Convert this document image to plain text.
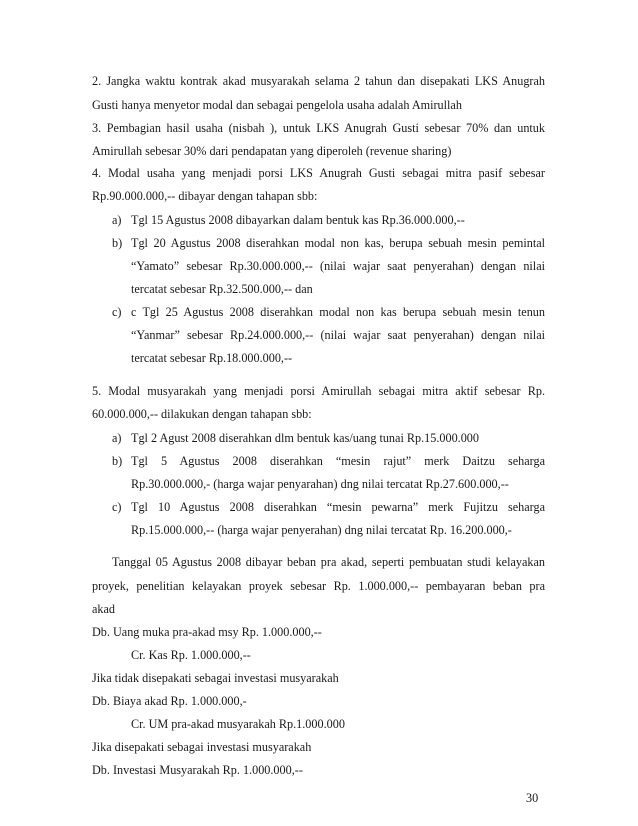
2. Jangka waktu kontrak akad musyarakah selama 2 tahun dan disepakati LKS Anugrah
Gusti hanya menyetor modal dan sebagai pengelola usaha adalah Amirullah
3. Pembagian hasil usaha (nisbah ), untuk LKS Anugrah Gusti sebesar 70% dan untuk
Amirullah sebesar 30% dari pendapatan yang diperoleh (revenue sharing)
4. Modal usaha yang menjadi porsi LKS Anugrah Gusti sebagai mitra pasif sebesar
Rp.90.000.000,-- dibayar dengan tahapan sbb:
a) Tgl 15 Agustus 2008 dibayarkan dalam bentuk kas Rp.36.000.000,--
b) Tgl 20 Agustus 2008 diserahkan modal non kas, berupa sebuah mesin pemintal
“Yamato” sebesar Rp.30.000.000,-- (nilai wajar saat penyerahan) dengan nilai
tercatat sebesar Rp.32.500.000,-- dan
c) c Tgl 25 Agustus 2008 diserahkan modal non kas berupa sebuah mesin tenun
“Yanmar” sebesar Rp.24.000.000,-- (nilai wajar saat penyerahan) dengan nilai
tercatat sebesar Rp.18.000.000,--
5. Modal musyarakah yang menjadi porsi Amirullah sebagai mitra aktif sebesar Rp.
60.000.000,-- dilakukan dengan tahapan sbb:
a) Tgl 2 Agust 2008 diserahkan dlm bentuk kas/uang tunai Rp.15.000.000
b) Tgl 5 Agustus 2008 diserahkan “mesin rajut” merk Daitzu seharga
Rp.30.000.000,- (harga wajar penyarahan) dng nilai tercatat Rp.27.600.000,--
c) Tgl 10 Agustus 2008 diserahkan “mesin pewarna” merk Fujitzu seharga
Rp.15.000.000,-- (harga wajar penyerahan) dng nilai tercatat Rp. 16.200.000,-
Tanggal 05 Agustus 2008 dibayar beban pra akad, seperti pembuatan studi kelayakan
proyek, penelitian kelayakan proyek sebesar Rp. 1.000.000,-- pembayaran beban pra
akad
Db. Uang muka pra-akad msy Rp. 1.000.000,--
Cr. Kas Rp. 1.000.000,--
Jika tidak disepakati sebagai investasi musyarakah
Db. Biaya akad Rp. 1.000.000,-
Cr. UM pra-akad musyarakah Rp.1.000.000
Jika disepakati sebagai investasi musyarakah
Db. Investasi Musyarakah Rp. 1.000.000,--
30
